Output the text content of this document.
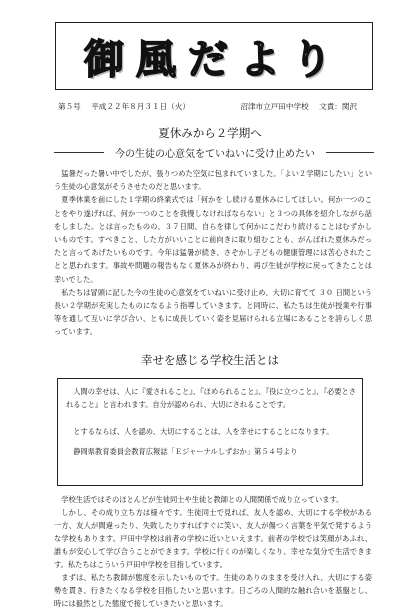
御風だより
第５号 平成２２年８月３１日（火）	沼津市立戸田中学校 文責：関沢
夏休みから２学期へ
今の生徒の心意気をていねいに受け止めたい

猛暑だった暑い中でしたが、張りつめた空気に包まれていました。「よい２学期にしたい」という生徒の心意気がそうさせたのだと思います。

夏季休業を前にした１学期の終業式では「何かを し続ける夏休みにしてほしい。何か一つのことをやり遂げれば、何か一つのことを我慢しなければならない」と３つの具体を紹介しながら話をしました。とは言ったものの、３７日間、自らを律して何かにこだわり続けることはむずかしいものです。すべきこと、した方がいいことに前向きに取り組むことも、がんばれた夏休みだったと言ってあげたいものです。今年は猛暑が続き、さぞかし子どもの健康管理には苦心されたことと思われます。事故や問題の報告もなく夏休みが終わり、再び生徒が学校に戻ってきたことは幸いでした。

私たちは冒頭に記した今の生徒の心意気をていねいに受け止め、大切に育てて ３０ 日間という長い２学期が充実したものになるよう指導していきます。と同時に、私たちは生徒が授業や行事等を通して互いに学び合い、ともに成長していく姿を見届けられる立場にあることを誇らしく思っています。

幸せを感じる学校生活とは

人間の幸せは、人に『愛されること』、『ほめられること』、『役に立つこと』、『必要とされること』と言われます。自分が認められ、大切にされることです。

とするならば、人を認め、大切にすることは、人を幸せにすることになります。

静岡県教育委員会教育広報誌「Ｅジャーナルしずおか」第５４号より

学校生活ではそのほとんどが生徒同士や生徒と教師との人間関係で成り立っています。

しかし、その成り立ち方は様々です。生徒同士で見れば、友人を認め、大切にする学校がある一方、友人が間違ったり、失敗したりすればすぐに笑い、友人が傷つく言葉を平気で発するような学校もあります。戸田中学校は前者の学校に近いといえます。前者の学校では笑顔があふれ、誰もが安心して学び合うことができます。学校に行くのが楽しくなり、幸せな気分で生活できます。私たちはこういう戸田中学校を目指しています。

まずは、私たち教師が態度を示したいものです。生徒のありのままを受け入れ、大切にする姿勢を貫き、行きたくなる学校を目指したいと思います。日ごろの人間的な触れ合いを基盤とし、時には毅然とした態度で接していきたいと思います。
